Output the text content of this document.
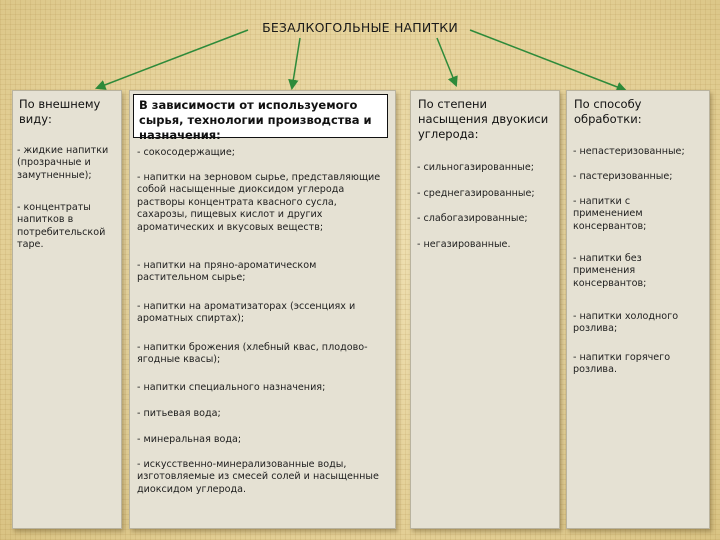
БЕЗАЛКОГОЛЬНЫЕ НАПИТКИ
По внешнему виду:
- жидкие напитки (прозрачные и замутненные);
- концентраты напитков в потребительской таре.
В зависимости от используемого сырья, технологии производства и назначения:
- сокосодержащие;
- напитки на зерновом сырье, представляющие собой насыщенные диоксидом углерода растворы концентрата квасного сусла, сахарозы, пищевых кислот и других ароматических и вкусовых веществ;
- напитки на пряно-ароматическом растительном сырье;
- напитки на ароматизаторах (эссенциях и ароматных спиртах);
- напитки брожения (хлебный квас, плодово-ягодные квасы);
- напитки специального назначения;
- питьевая вода;
- минеральная вода;
- искусственно-минерализованные воды, изготовляемые из смесей солей и насыщенные диоксидом углерода.
По степени насыщения двуокиси углерода:
- сильногазированные;
- среднегазированные;
- слабогазированные;
- негазированные.
По способу обработки:
- непастеризованные;
- пастеризованные;
- напитки с применением консервантов;
- напитки без применения консервантов;
- напитки холодного розлива;
- напитки горячего розлива.
